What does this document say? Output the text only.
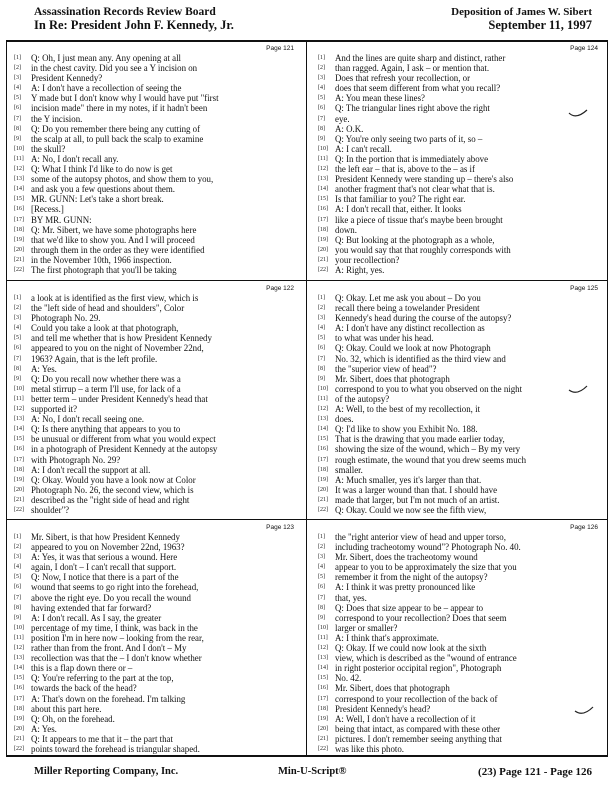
Assassination Records Review Board
In Re: President John F. Kennedy, Jr.
Deposition of James W. Sibert
September 11, 1997
Page 121
[1]	Q: Oh, I just mean any. Any opening at all
[2]	in the chest cavity. Did you see a Y incision on
[3]	President Kennedy?
[4]	A: I don't have a recollection of seeing the
[5]	Y made but I don't know why I would have put "first
[6]	incision made" there in my notes, if it hadn't been
[7]	the Y incision.
[8]	Q: Do you remember there being any cutting of
[9]	the scalp at all, to pull back the scalp to examine
[10] the skull?
[11] A: No, I don't recall any.
[12] Q: What I think I'd like to do now is get
[13] some of the autopsy photos, and show them to you,
[14] and ask you a few questions about them.
[15] MR. GUNN: Let's take a short break.
[16] [Recess.]
[17] BY MR. GUNN:
[18] Q: Mr. Sibert, we have some photographs here
[19] that we'd like to show you. And I will proceed
[20] through them in the order as they were identified
[21] in the November 10th, 1966 inspection.
[22] The first photograph that you'll be taking
Page 124
[1]	And the lines are quite sharp and distinct, rather
[2]	than ragged. Again, I ask – or mention that.
[3]	Does that refresh your recollection, or
[4]	does that seem different from what you recall?
[5]	A: You mean these lines?
[6]	Q: The triangular lines right above the right
[7]	eye.
[8]	A: O.K.
[9]	Q: You're only seeing two parts of it, so –
[10] A: I can't recall.
[11] Q: In the portion that is immediately above
[12] the left ear – that is, above to the – as if
[13] President Kennedy were standing up – there's also
[14] another fragment that's not clear what that is.
[15] Is that familiar to you? The right ear.
[16] A: I don't recall that, either. It looks
[17] like a piece of tissue that's maybe been brought
[18] down.
[19] Q: But looking at the photograph as a whole,
[20] you would say that that roughly corresponds with
[21] your recollection?
[22] A: Right, yes.
Page 122
[1]	a look at is identified as the first view, which is
[2]	the "left side of head and shoulders", Color
[3]	Photograph No. 29.
[4]	Could you take a look at that photograph,
[5]	and tell me whether that is how President Kennedy
[6]	appeared to you on the night of November 22nd,
[7]	1963? Again, that is the left profile.
[8]	A: Yes.
[9]	Q: Do you recall now whether there was a
[10] metal stirrup – a term I'll use, for lack of a
[11] better term – under President Kennedy's head that
[12] supported it?
[13] A: No, I don't recall seeing one.
[14] Q: Is there anything that appears to you to
[15] be unusual or different from what you would expect
[16] in a photograph of President Kennedy at the autopsy
[17] with Photograph No. 29?
[18] A: I don't recall the support at all.
[19] Q: Okay. Would you have a look now at Color
[20] Photograph No. 26, the second view, which is
[21] described as the "right side of head and right
[22] shoulder"?
Page 125
[1]	Q: Okay. Let me ask you about – Do you
[2]	recall there being a towelander President
[3]	Kennedy's head during the course of the autopsy?
[4]	A: I don't have any distinct recollection as
[5]	to what was under his head.
[6]	Q: Okay. Could we look at now Photograph
[7]	No. 32, which is identified as the third view and
[8]	the "superior view of head"?
[9]	Mr. Sibert, does that photograph
[10] correspond to you to what you observed on the night
[11] of the autopsy?
[12] A: Well, to the best of my recollection, it
[13] does.
[14] Q: I'd like to show you Exhibit No. 188.
[15] That is the drawing that you made earlier today,
[16] showing the size of the wound, which – By my very
[17] rough estimate, the wound that you drew seems much
[18] smaller.
[19] A: Much smaller, yes it's larger than that.
[20] It was a larger wound than that. I should have
[21] made that larger, but I'm not much of an artist.
[22] Q: Okay. Could we now see the fifth view,
Page 123
[1]	Mr. Sibert, is that how President Kennedy
[2]	appeared to you on November 22nd, 1963?
[3]	A: Yes, it was that serious a wound. Here
[4]	again, I don't – I can't recall that support.
[5]	Q: Now, I notice that there is a part of the
[6]	wound that seems to go right into the forehead,
[7]	above the right eye. Do you recall the wound
[8]	having extended that far forward?
[9]	A: I don't recall. As I say, the greater
[10] percentage of my time, I think, was back in the
[11] position I'm in here now – looking from the rear,
[12] rather than from the front. And I don't – My
[13] recollection was that the – I don't know whether
[14] this is a flap down there or –
[15] Q: You're referring to the part at the top,
[16] towards the back of the head?
[17] A: That's down on the forehead. I'm talking
[18] about this part here.
[19] Q: Oh, on the forehead.
[20] A: Yes.
[21] Q: It appears to me that it – the part that
[22] points toward the forehead is triangular shaped.
Page 126
[1]	the "right anterior view of head and upper torso,
[2]	including tracheotomy wound"? Photograph No. 40.
[3]	Mr. Sibert, does the tracheotomy wound
[4]	appear to you to be approximately the size that you
[5]	remember it from the night of the autopsy?
[6]	A: I think it was pretty pronounced like
[7]	that, yes.
[8]	Q: Does that size appear to be – appear to
[9]	correspond to your recollection? Does that seem
[10] larger or smaller?
[11] A: I think that's approximate.
[12] Q: Okay. If we could now look at the sixth
[13] view, which is described as the "wound of entrance
[14] in right posterior occipital region", Photograph
[15] No. 42.
[16] Mr. Sibert, does that photograph
[17] correspond to your recollection of the back of
[18] President Kennedy's head?
[19] A: Well, I don't have a recollection of it
[20] being that intact, as compared with these other
[21] pictures. I don't remember seeing anything that
[22] was like this photo.
Miller Reporting Company, Inc.	Min-U-Script®	(23) Page 121 - Page 126
